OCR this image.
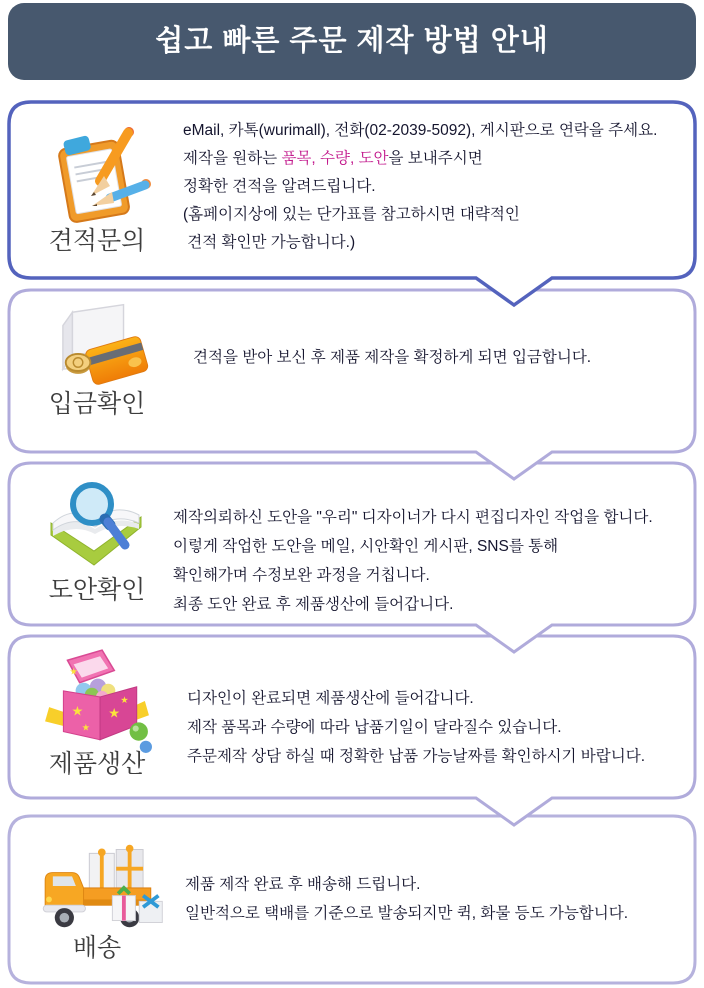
쉽고 빠른 주문 제작 방법 안내
견적문의
eMail, 카톡(wurimall), 전화(02-2039-5092), 게시판으로 연락을 주세요.
제작을 원하는 품목, 수량, 도안을 보내주시면
정확한 견적을 알려드립니다.
(홈페이지상에 있는 단가표를 참고하시면 대략적인
견적 확인만 가능합니다.)
입금확인
견적을 받아 보신 후 제품 제작을 확정하게 되면 입금합니다.
도안확인
제작의뢰하신 도안을 "우리" 디자이너가 다시 편집디자인 작업을 합니다.
이렇게 작업한 도안을 메일, 시안확인 게시판, SNS를 통해
확인해가며 수정보완 과정을 거칩니다.
최종 도안 완료 후 제품생산에 들어갑니다.
★
★
★
★
★
제품생산
디자인이 완료되면 제품생산에 들어갑니다.
제작 품목과 수량에 따라 납품기일이 달라질수 있습니다.
주문제작 상담 하실 때 정확한 납품 가능날짜를 확인하시기 바랍니다.
배송
제품 제작 완료 후 배송해 드립니다.
일반적으로 택배를 기준으로 발송되지만 퀵, 화물 등도 가능합니다.
